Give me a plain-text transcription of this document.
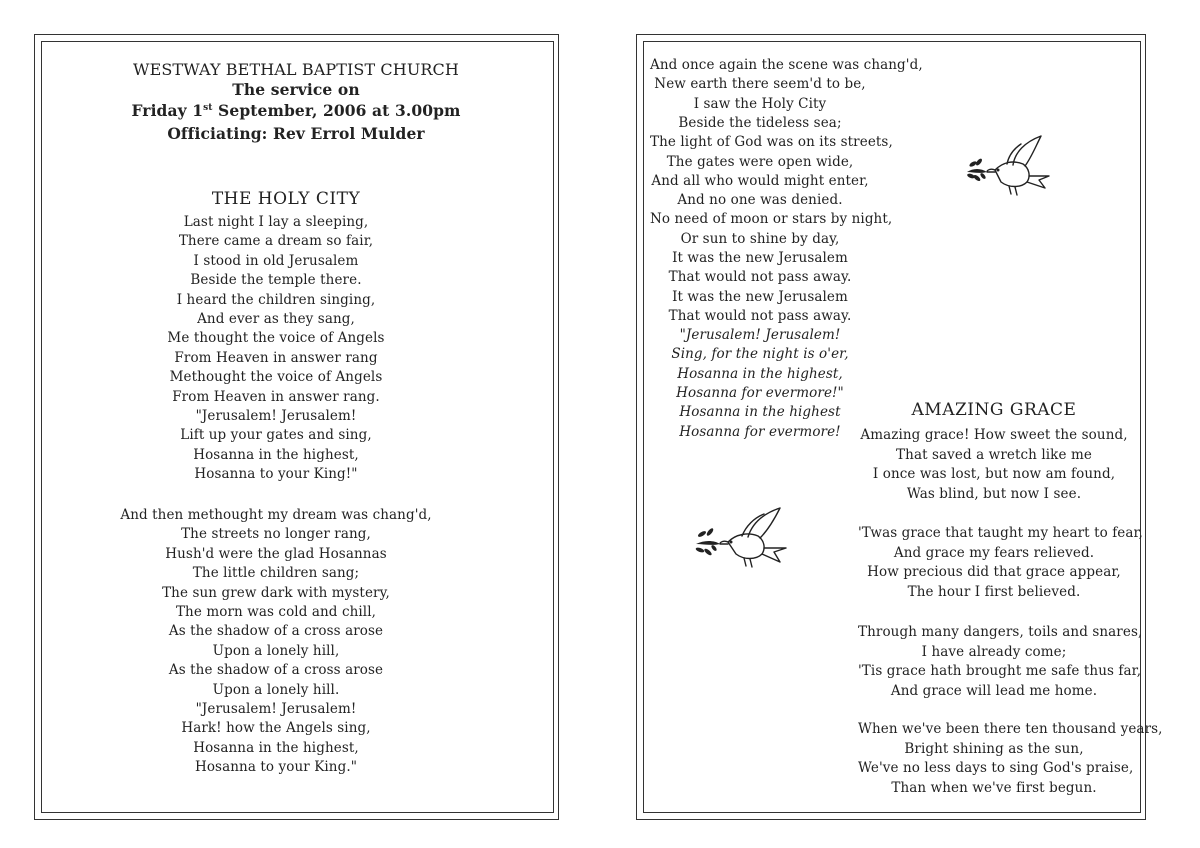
WESTWAY BETHAL BAPTIST CHURCH
The service on
Friday 1st September, 2006 at 3.00pm
Officiating: Rev Errol Mulder
THE HOLY CITY
Last night I lay a sleeping,
There came a dream so fair,
I stood in old Jerusalem
Beside the temple there.
I heard the children singing,
And ever as they sang,
Me thought the voice of Angels
From Heaven in answer rang
Methought the voice of Angels
From Heaven in answer rang.
"Jerusalem! Jerusalem!
Lift up your gates and sing,
Hosanna in the highest,
Hosanna to your King!"
And then methought my dream was chang'd,
The streets no longer rang,
Hush'd were the glad Hosannas
The little children sang;
The sun grew dark with mystery,
The morn was cold and chill,
As the shadow of a cross arose
Upon a lonely hill,
As the shadow of a cross arose
Upon a lonely hill.
"Jerusalem! Jerusalem!
Hark! how the Angels sing,
Hosanna in the highest,
Hosanna to your King."
And once again the scene was chang'd,
New earth there seem'd to be,
I saw the Holy City
Beside the tideless sea;
The light of God was on its streets,
The gates were open wide,
And all who would might enter,
And no one was denied.
No need of moon or stars by night,
Or sun to shine by day,
It was the new Jerusalem
That would not pass away.
It was the new Jerusalem
That would not pass away.
"Jerusalem! Jerusalem!
Sing, for the night is o'er,
Hosanna in the highest,
Hosanna for evermore!"
Hosanna in the highest
Hosanna for evermore!
AMAZING GRACE
Amazing grace! How sweet the sound,
That saved a wretch like me
I once was lost, but now am found,
Was blind, but now I see.
'Twas grace that taught my heart to fear,
And grace my fears relieved.
How precious did that grace appear,
The hour I first believed.
Through many dangers, toils and snares,
I have already come;
'Tis grace hath brought me safe thus far,
And grace will lead me home.
When we've been there ten thousand years,
Bright shining as the sun,
We've no less days to sing God's praise,
Than when we've first begun.
